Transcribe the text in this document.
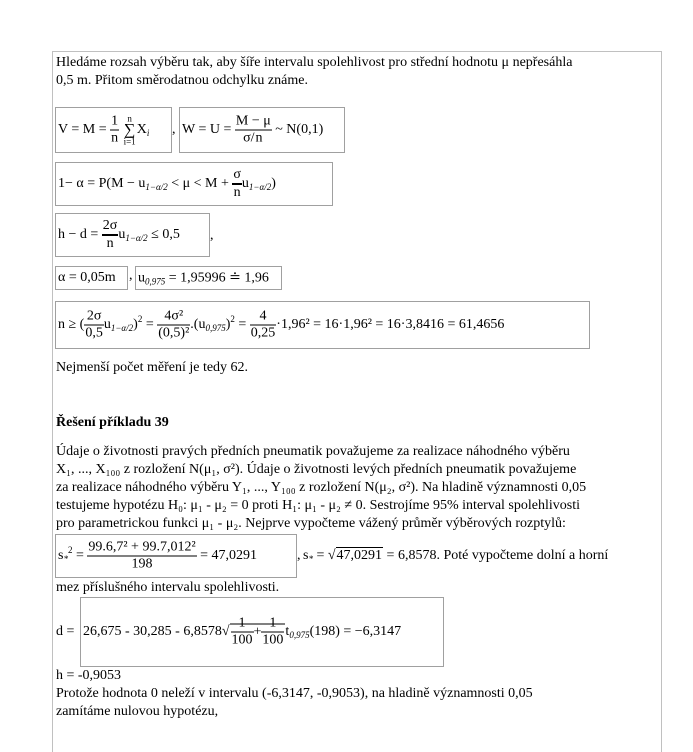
Hledáme rozsah výběru tak, aby šíře intervalu spolehlivost pro střední hodnotu μ nepřesáhla
0,5 m. Přitom směrodatnou odchylku známe.
$V = M = \frac{1}{n}$
n
∑
i=1
$X_i$ , $W = U = \frac{M - \mu}{\sigma/n}$ ~ N(0,1)
$1- \alpha = P(M - u_{1-\alpha/2} < \mu < M + \frac{\sigma}{n} u_{1-\alpha/2})$
$h - d = \frac{2\sigma}{n} u_{1-\alpha/2} \le 0,5$ ,
α = 0,05m , $u_{0,975} = 1,95996$ ≐ 1,96
n ≥ ( $\frac{2\sigma}{0,5} u_{1-\alpha/2})^2 = \frac{\text{4σ²}}{\text{(0,5)²}} .(u_{0,975})^2 = \frac{4}{0,25} \cdot 1,96^2 = 16\cdot 1,96^2 = 16\cdot 3,8416 = 61,4656$
Nejmenší počet měření je tedy 62.
Řešení příkladu 39
Údaje o životnosti pravých předních pneumatik považujeme za realizace náhodného výběru
X₁, ..., X₁₀₀ z rozložení N(μ₁, σ²). Údaje o životnosti levých předních pneumatik považujeme
za realizace náhodného výběru Y₁, ..., Y₁₀₀ z rozložení N(μ₂, σ²). Na hladině významnosti 0,05
testujeme hypotézu H₀: μ₁ - μ₂ = 0 proti H₁: μ₁ - μ₂ ≠ 0. Sestrojíme 95% interval spolehlivosti
pro parametrickou funkci μ₁ - μ₂. Nejprve vypočteme vážený průměr výběrových rozptylů:
$s_*^2 = \frac{\text{99.6,7² + 99.7,012²}}{198} = 47,0291$	, $s_* = √47,0291 = 6,8578$. Poté vypočteme dolní a horní
mez příslušného intervalu spolehlivosti.
$d = 26,675 - 30,285 - 6,8578√ \frac{1}{100} + \frac{1}{100} t_{0,975}(198) = -6,3147$
h = -0,9053
Protože hodnota 0 neleží v intervalu (-6,3147, -0,9053), na hladině významnosti 0,05
zamítáme nulovou hypotézu,
